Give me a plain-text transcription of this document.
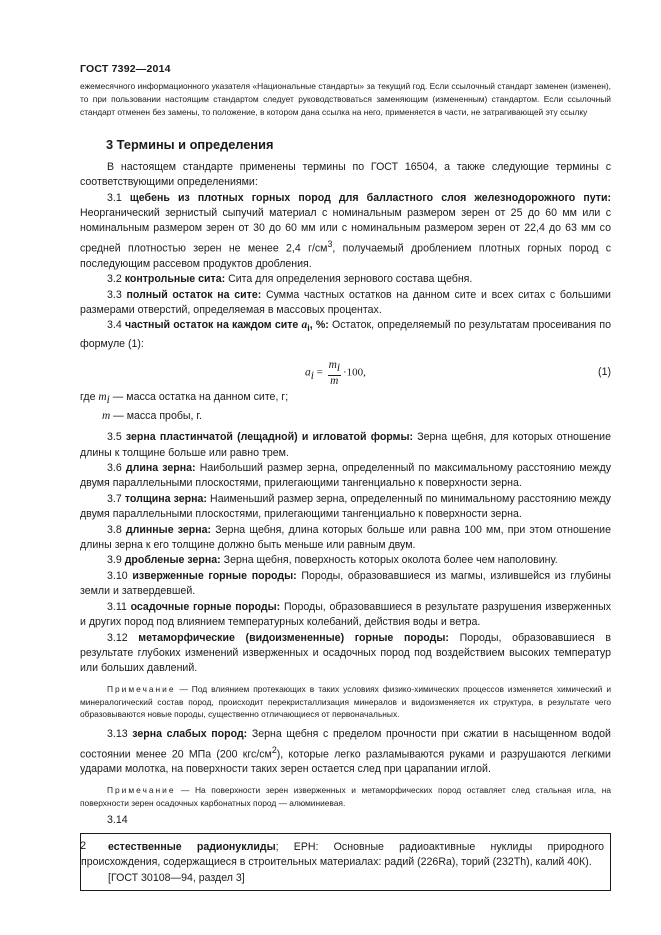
ГОСТ 7392—2014

ежемесячного информационного указателя «Национальные стандарты» за текущий год. Если ссылочный стандарт заменен (изменен), то при пользовании настоящим стандартом следует руководствоваться заменяющим (измененным) стандартом. Если ссылочный стандарт отменен без замены, то положение, в котором дана ссылка на него, применяется в части, не затрагивающей эту ссылку

3 Термины и определения

В настоящем стандарте применены термины по ГОСТ 16504, а также следующие термины с соответствующими определениями:

3.1 щебень из плотных горных пород для балластного слоя железнодорожного пути: Неорганический зернистый сыпучий материал с номинальным размером зерен от 25 до 60 мм или с номинальным размером зерен от 30 до 60 мм или с номинальным размером зерен от 22,4 до 63 мм со средней плотностью зерен не менее 2,4 $г/см^3$, получаемый дроблением плотных горных пород с последующим рассевом продуктов дробления.

3.2 контрольные сита: Сита для определения зернового состава щебня.

3.3 полный остаток на сите: Сумма частных остатков на данном сите и всех ситах с большими размерами отверстий, определяемая в массовых процентах.

3.4 частный остаток на каждом сите $a_i$, %: Остаток, определяемый по результатам просеивания по формуле (1):

$a_i = \frac{m_i}{m} \cdot 100$,	(1)

где $m_i$ — масса остатка на данном сите, г;

m — масса пробы, г.

3.5 зерна пластинчатой (лещадной) и игловатой формы: Зерна щебня, для которых отношение длины к толщине больше или равно трем.

3.6 длина зерна: Наибольший размер зерна, определенный по максимальному расстоянию между двумя параллельными плоскостями, прилегающими тангенциально к поверхности зерна.

3.7 толщина зерна: Наименьший размер зерна, определенный по минимальному расстоянию между двумя параллельными плоскостями, прилегающими тангенциально к поверхности зерна.

3.8 длинные зерна: Зерна щебня, длина которых больше или равна 100 мм, при этом отношение длины зерна к его толщине должно быть меньше или равным двум.

3.9 дробленые зерна: Зерна щебня, поверхность которых околота более чем наполовину.

3.10 изверженные горные породы: Породы, образовавшиеся из магмы, излившейся из глубины земли и затвердевшей.

3.11 осадочные горные породы: Породы, образовавшиеся в результате разрушения изверженных и других пород под влиянием температурных колебаний, действия воды и ветра.

3.12 метаморфические (видоизмененные) горные породы: Породы, образовавшиеся в результате глубоких изменений изверженных и осадочных пород под воздействием высоких температур или больших давлений.

Примечание — Под влиянием протекающих в таких условиях физико-химических процессов изменяется химический и минералогический состав пород, происходит перекристаллизация минералов и видоизменяется их структура, в результате чего образовываются новые породы, существенно отличающиеся от первоначальных.

3.13 зерна слабых пород: Зерна щебня с пределом прочности при сжатии в насыщенном водой состоянии менее 20 МПа (200 кгс/$см^2$), которые легко разламываются руками и разрушаются легкими ударами молотка, на поверхности таких зерен остается след при царапании иглой.

Примечание — На поверхности зерен изверженных и метаморфических пород оставляет след стальная игла, на поверхности зерен осадочных карбонатных пород — алюминиевая.

3.14

естественные радионуклиды; ЕРН: Основные радиоактивные нуклиды природного происхождения, содержащиеся в строительных материалах: радий (226Ra), торий (232Th), калий 40К).

[ГОСТ 30108—94, раздел 3]
2
